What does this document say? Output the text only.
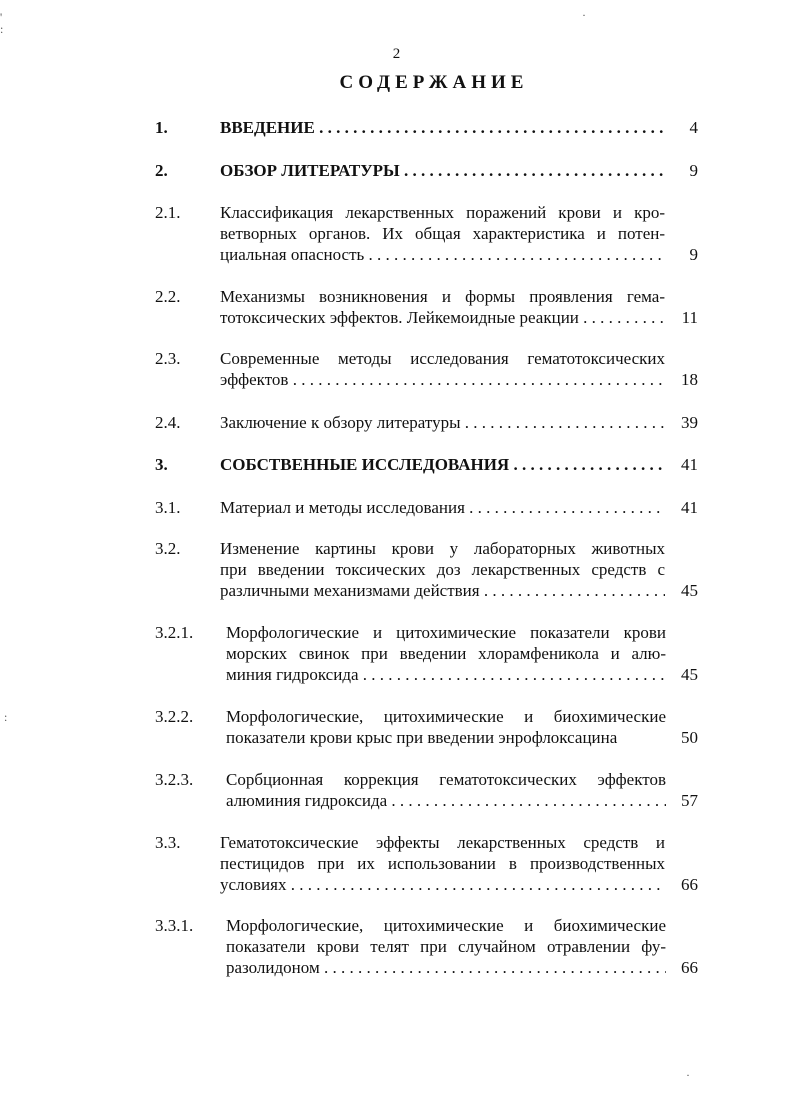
2
СОДЕРЖАНИЕ
1.	ВВЕДЕНИЕ . . .	4
2.	ОБЗОР ЛИТЕРАТУРЫ . . .	9
2.1. Классификация лекарственных поражений крови и кро-
ветворных органов. Их общая характеристика и потен-
циальная опасность . . .	9
2.2. Механизмы возникновения и формы проявления гема-
тотоксических эффектов. Лейкемоидные реакции . . .	11
2.3. Современные методы исследования гематотоксических
эффектов . . .	18
2.4. Заключение к обзору литературы . . .	39
3.	СОБСТВЕННЫЕ ИССЛЕДОВАНИЯ . . .	41
3.1. Материал и методы исследования . . .	41
3.2. Изменение картины крови у лабораторных животных
при введении токсических доз лекарственных средств с
различными механизмами действия . . .	45
3.2.1. Морфологические и цитохимические показатели крови
морских свинок при введении хлорамфеникола и алю-
миния гидроксида . . .	45
3.2.2. Морфологические, цитохимические и биохимические
показатели крови крыс при введении энрофлоксацина	50
3.2.3. Сорбционная коррекция гематотоксических эффектов
алюминия гидроксида . . .	57
3.3. Гематотоксические эффекты лекарственных средств и
пестицидов при их использовании в производственных
условиях . . .	66
3.3.1. Морфологические, цитохимические и биохимические
показатели крови телят при случайном отравлении фу-
разолидоном . . .	66
'
:
·
:
·
